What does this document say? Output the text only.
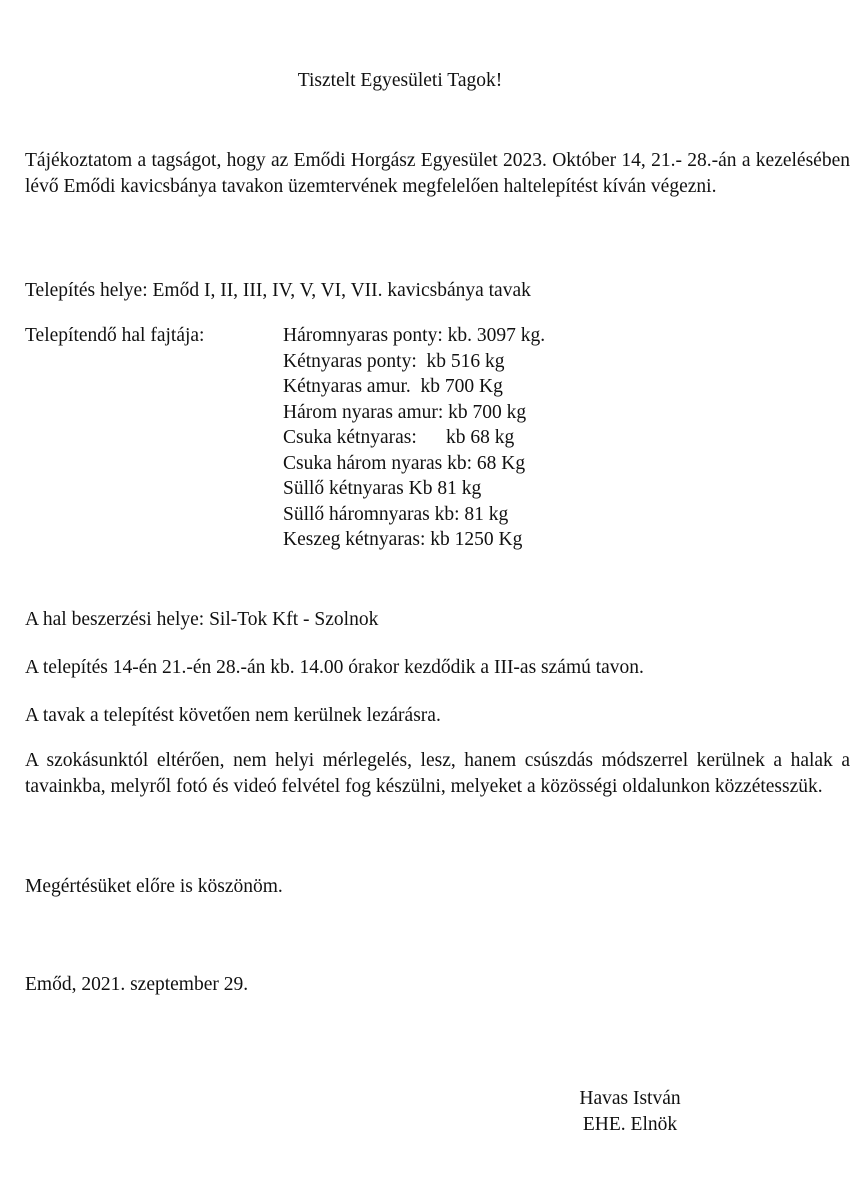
Tisztelt Egyesületi Tagok!

Tájékoztatom a tagságot, hogy az Emődi Horgász Egyesület 2023. Október 14, 21.- 28.-án a kezelésében lévő Emődi kavicsbánya tavakon üzemtervének megfelelően haltelepítést kíván végezni.

Telepítés helye: Emőd I, II, III, IV, V, VI, VII. kavicsbánya tavak
Telepítendő hal fajtája:	Háromnyaras ponty: kb. 3097 kg.
Kétnyaras ponty:  kb 516 kg
Kétnyaras amur.  kb 700 Kg
Három nyaras amur: kb 700 kg
Csuka kétnyaras:      kb 68 kg
Csuka három nyaras kb: 68 Kg
Süllő kétnyaras Kb 81 kg
Süllő háromnyaras kb: 81 kg
Keszeg kétnyaras: kb 1250 Kg
A hal beszerzési helye: Sil-Tok Kft - Szolnok
A telepítés 14-én 21.-én 28.-án kb. 14.00 órakor kezdődik a III-as számú tavon.
A tavak a telepítést követően nem kerülnek lezárásra.

A szokásunktól eltérően, nem helyi mérlegelés, lesz, hanem csúszdás módszerrel kerülnek a halak a tavainkba, melyről fotó és videó felvétel fog készülni, melyeket a közösségi oldalunkon közzétesszük.

Megértésüket előre is köszönöm.
Emőd, 2021. szeptember 29.
Havas István
EHE. Elnök
